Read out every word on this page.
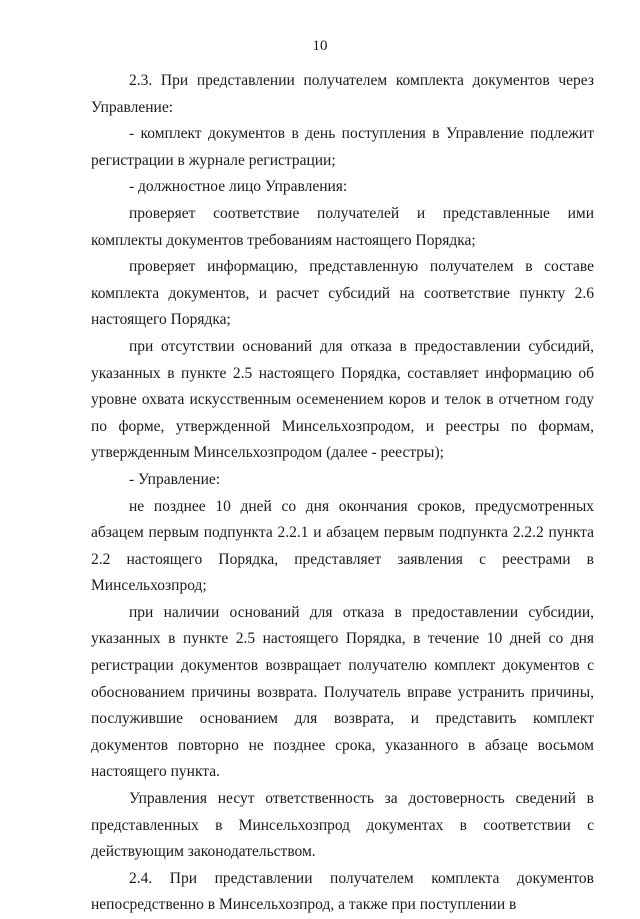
10

2.3. При представлении получателем комплекта документов через Управление:

- комплект документов в день поступления в Управление подлежит регистрации в журнале регистрации;

- должностное лицо Управления:

проверяет соответствие получателей и представленные ими комплекты документов требованиям настоящего Порядка;

проверяет информацию, представленную получателем в составе комплекта документов, и расчет субсидий на соответствие пункту 2.6 настоящего Порядка;

при отсутствии оснований для отказа в предоставлении субсидий, указанных в пункте 2.5 настоящего Порядка, составляет информацию об уровне охвата искусственным осеменением коров и телок в отчетном году по форме, утвержденной Минсельхозпродом, и реестры по формам, утвержденным Минсельхозпродом (далее - реестры);

- Управление:

не позднее 10 дней со дня окончания сроков, предусмотренных абзацем первым подпункта 2.2.1 и абзацем первым подпункта 2.2.2 пункта 2.2 настоящего Порядка, представляет заявления с реестрами в Минсельхозпрод;

при наличии оснований для отказа в предоставлении субсидии, указанных в пункте 2.5 настоящего Порядка, в течение 10 дней со дня регистрации документов возвращает получателю комплект документов с обоснованием причины возврата. Получатель вправе устранить причины, послужившие основанием для возврата, и представить комплект документов повторно не позднее срока, указанного в абзаце восьмом настоящего пункта.

Управления несут ответственность за достоверность сведений в представленных в Минсельхозпрод документах в соответствии с действующим законодательством.

2.4. При представлении получателем комплекта документов непосредственно в Минсельхозпрод, а также при поступлении в
